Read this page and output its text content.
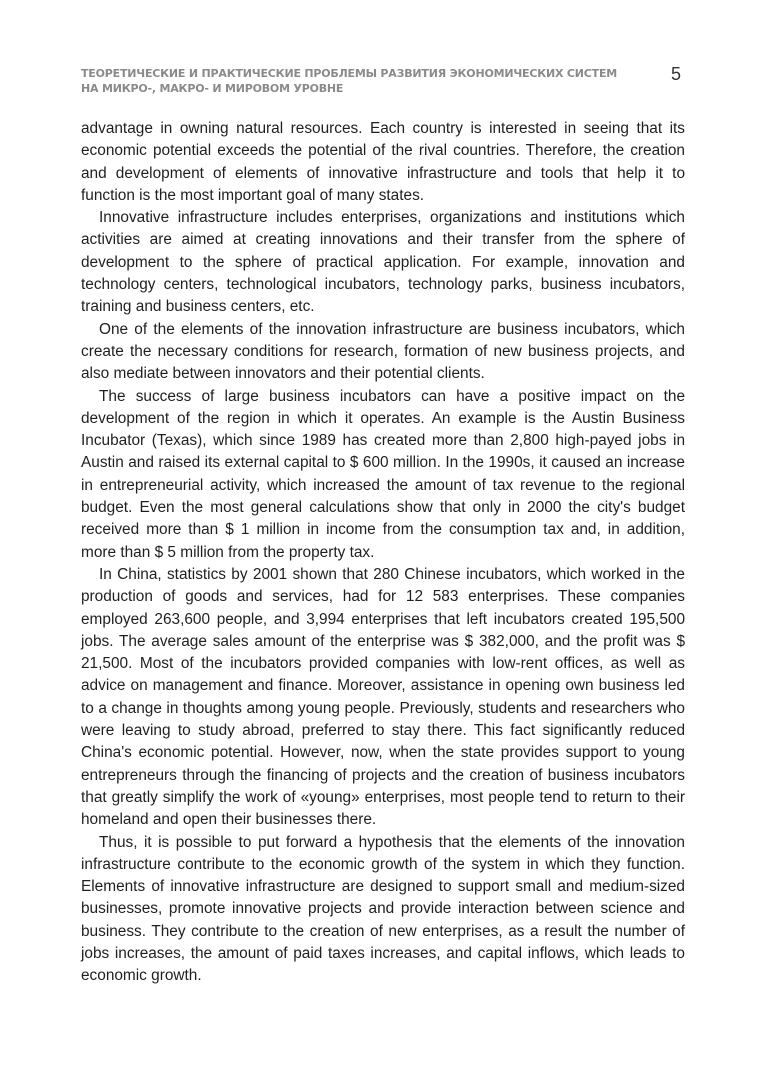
ТЕОРЕТИЧЕСКИЕ И ПРАКТИЧЕСКИЕ ПРОБЛЕМЫ РАЗВИТИЯ ЭКОНОМИЧЕСКИХ СИСТЕМ
НА МИКРО-, МАКРО- И МИРОВОМ УРОВНЕ
5

advantage in owning natural resources. Each country is interested in seeing that its economic potential exceeds the potential of the rival countries. Therefore, the creation and development of elements of innovative infrastructure and tools that help it to function is the most important goal of many states.

Innovative infrastructure includes enterprises, organizations and institutions which activities are aimed at creating innovations and their transfer from the sphere of development to the sphere of practical application. For example, innovation and technology centers, technological incubators, technology parks, business incubators, training and business centers, etc.

One of the elements of the innovation infrastructure are business incubators, which create the necessary conditions for research, formation of new business projects, and also mediate between innovators and their potential clients.

The success of large business incubators can have a positive impact on the development of the region in which it operates. An example is the Austin Business Incubator (Texas), which since 1989 has created more than 2,800 high-payed jobs in Austin and raised its external capital to $ 600 million. In the 1990s, it caused an increase in entrepreneurial activity, which increased the amount of tax revenue to the regional budget. Even the most general calculations show that only in 2000 the city's budget received more than $ 1 million in income from the consumption tax and, in addition, more than $ 5 million from the property tax.

In China, statistics by 2001 shown that 280 Chinese incubators, which worked in the production of goods and services, had for 12 583 enterprises. These companies employed 263,600 people, and 3,994 enterprises that left incubators created 195,500 jobs. The average sales amount of the enterprise was $ 382,000, and the profit was $ 21,500. Most of the incubators provided companies with low-rent offices, as well as advice on management and finance. Moreover, assistance in opening own business led to a change in thoughts among young people. Previously, students and researchers who were leaving to study abroad, preferred to stay there. This fact significantly reduced China's economic potential. However, now, when the state provides support to young entrepreneurs through the financing of projects and the creation of business incubators that greatly simplify the work of «young» enterprises, most people tend to return to their homeland and open their businesses there.

Thus, it is possible to put forward a hypothesis that the elements of the innovation infrastructure contribute to the economic growth of the system in which they function. Elements of innovative infrastructure are designed to support small and medium-sized businesses, promote innovative projects and provide interaction between science and business. They contribute to the creation of new enterprises, as a result the number of jobs increases, the amount of paid taxes increases, and capital inflows, which leads to economic growth.
